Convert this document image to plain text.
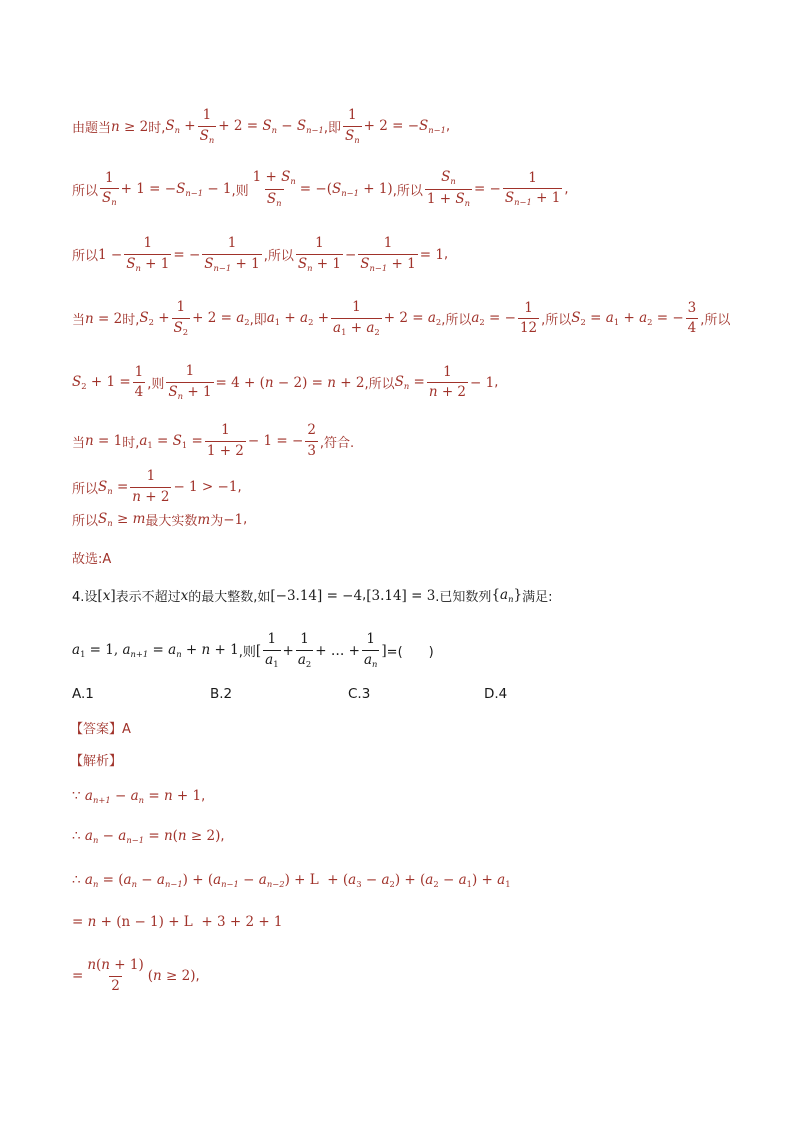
由题当 n ≥ 2 时, $S_n + \frac{1}{S_n} + 2 = S_n - S_{n-1}$ ,即 $\frac{1}{S_n} + 2 = -S_{n-1}$ ,
所以 $\frac{1}{S_n} + 1 = -S_{n-1} - 1$ ,则 $\frac{1 + S_n}{S_n} = -(S_{n-1} + 1)$ ,所以 $\frac{S_n}{1 + S_n}$ = − $\frac{1}{S_{n-1} + 1}$ ,
所以 $1 - \frac{1}{S_n + 1}$ = − $\frac{1}{S_{n-1} + 1}$ ,所以 $\frac{1}{S_n + 1} - \frac{1}{S_{n-1} + 1} = 1$ ,
当 n = 2 时, $S_2 + \frac{1}{S_2} + 2 = a_2$ ,即 $a_1 + a_2 + \frac{1}{a_1 + a_2} + 2 = a_2$ ,所以 $a_2$ = − $\frac{1}{12}$ ,所以 $S_2 = a_1 + a_2$ = − $\frac{3}{4}$ ,所以
$S_2 + 1 = \frac{1}{4}$ ,则 $\frac{1}{S_n + 1} = 4 + (n - 2) = n + 2$ ,所以 $S_n = \frac{1}{n + 2} - 1$ ,
当 n = 1 时, $a_1 = S_1 = \frac{1}{1 + 2} - 1$ = − $\frac{2}{3}$ ,符合.
所以 $S_n = \frac{1}{n + 2} - 1 > -1$ ,
所以 $S_n \ge m$ 最大实数 m 为 −1 ,
故选:A
4.设 [x] 表示不超过 x 的最大整数,如 [−3.14] = −4 , [3.14] = 3 .已知数列 $\{a_n\}$ 满足:
$a_1 = 1$, $a_{n+1} = a_n + n + 1$ ,则 [ $\frac{1}{a_1} + \frac{1}{a_2}$ + … + $\frac{1}{a_n}$ ] =(　　)
A.1	B.2	C.3	D.4
【答案】A
【解析】
∵ $a_{n+1} - a_n = n + 1$ ,
∴ $a_n - a_{n-1} = n(n \ge 2)$ ,
∴ $a_n = (a_n - a_{n-1}) + (a_{n-1} - a_{n-2}) + L + (a_3 - a_2) + (a_2 - a_1) + a_1$
= n + (n − 1) + L  + 3 + 2 + 1
= $\frac{n(n + 1)}{2} (n \ge 2)$ ,
